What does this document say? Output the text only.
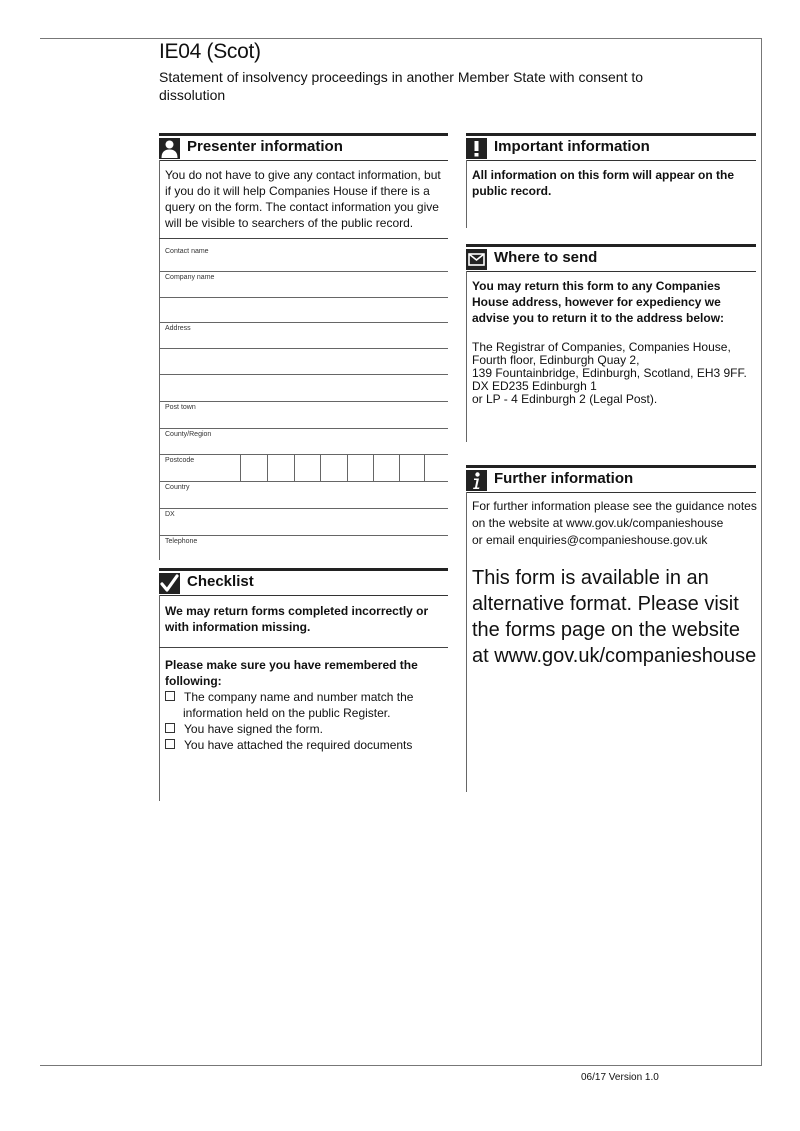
IE04 (Scot)
Statement of insolvency proceedings in another Member State with consent to dissolution
Presenter information
You do not have to give any contact information, but if you do it will help Companies House if there is a query on the form. The contact information you give will be visible to searchers of the public record.
Contact name
Company name
Address
Post town
County/Region
Postcode
Country
DX
Telephone
Checklist
We may return forms completed incorrectly or with information missing.
Please make sure you have remembered the following:
The company name and number match the
information held on the public Register.
You have signed the form.
You have attached the required documents
Important information
All information on this form will appear on the public record.
Where to send
You may return this form to any Companies House address, however for expediency we advise you to return it to the address below:
The Registrar of Companies, Companies House,
Fourth floor, Edinburgh Quay 2,
139 Fountainbridge, Edinburgh, Scotland, EH3 9FF.
DX ED235 Edinburgh 1
or LP - 4 Edinburgh 2 (Legal Post).
Further information
For further information please see the guidance notes
on the website at www.gov.uk/companieshouse
or email enquiries@companieshouse.gov.uk
This form is available in an alternative format. Please visit the forms page on the website at www.gov.uk/companieshouse
06/17 Version 1.0
